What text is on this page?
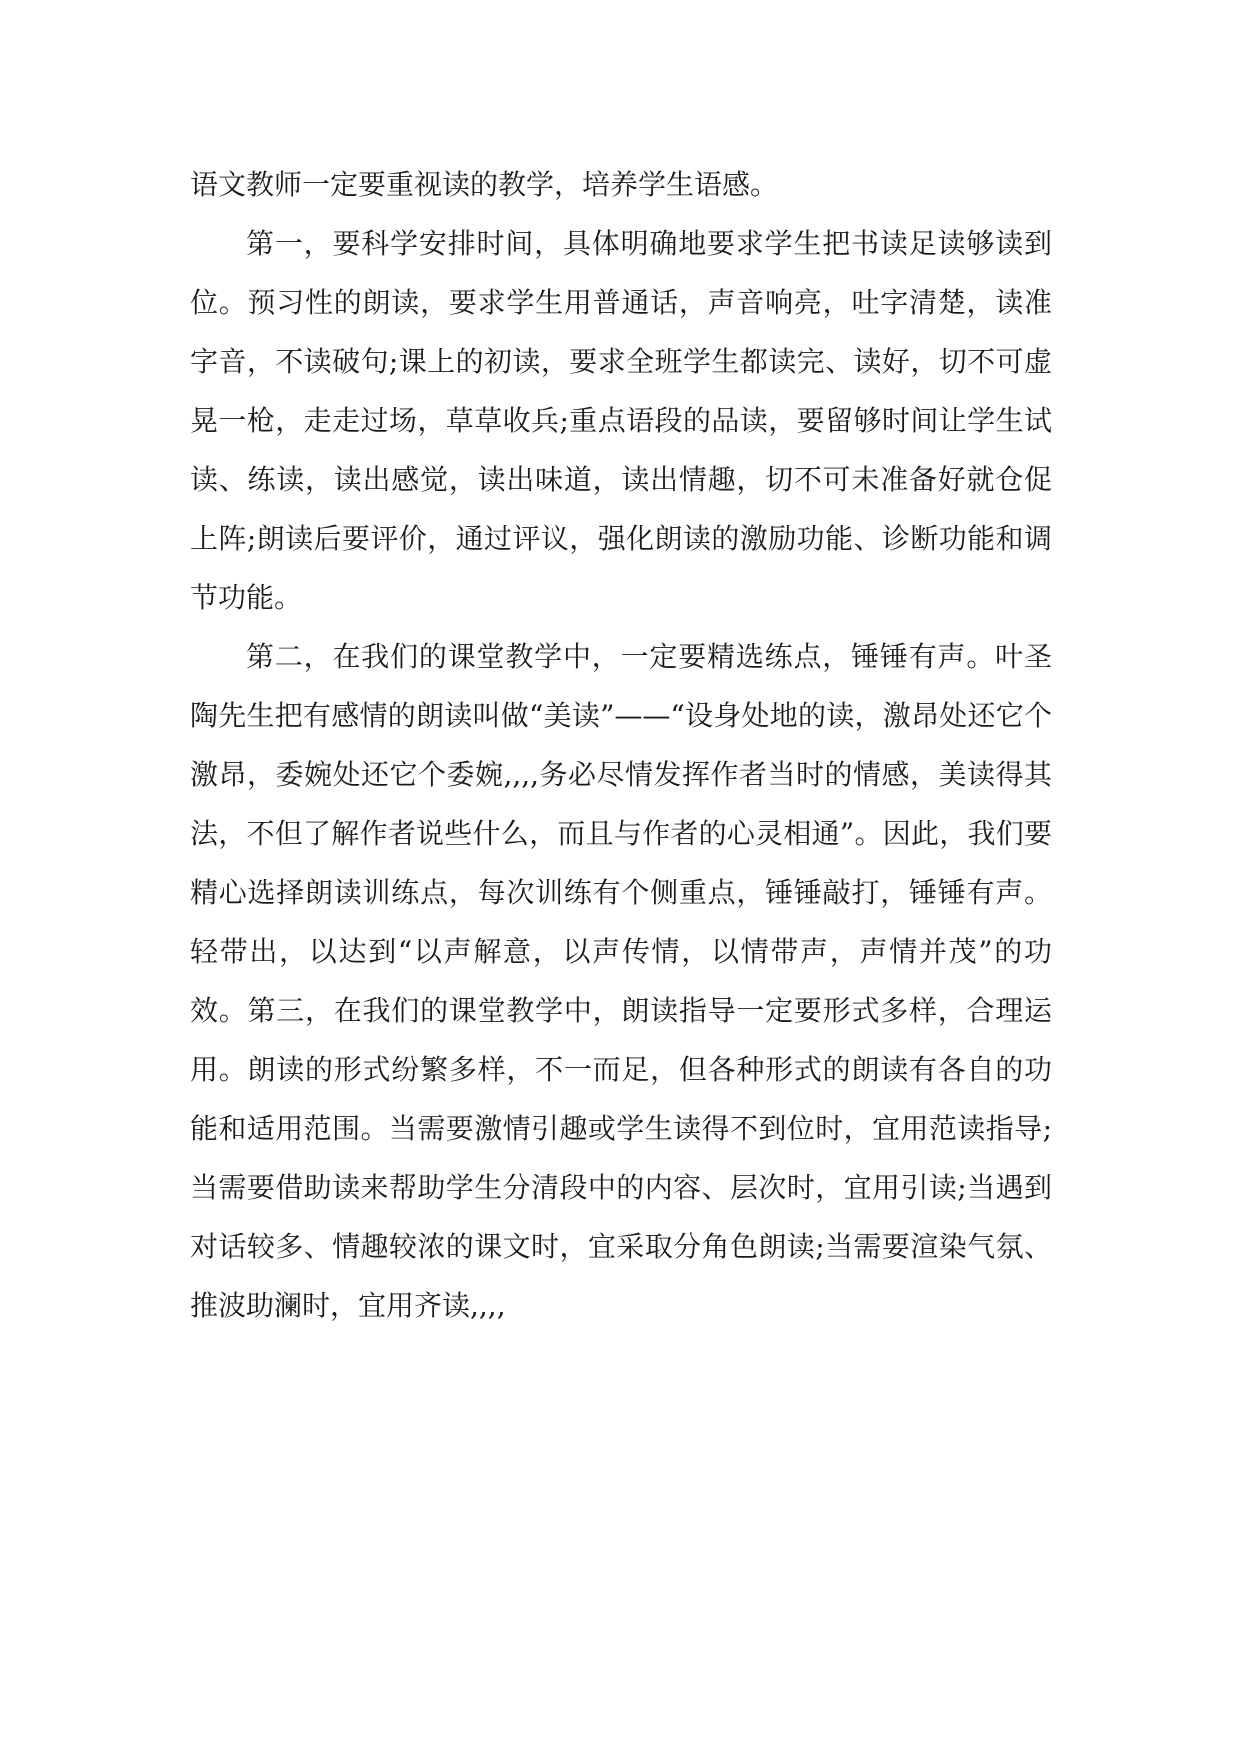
语文教师一定要重视读的教学，培养学生语感。

第一，要科学安排时间，具体明确地要求学生把书读足读够读到位。预习性的朗读，要求学生用普通话，声音响亮，吐字清楚，读准字音，不读破句;课上的初读，要求全班学生都读完、读好，切不可虚晃一枪，走走过场，草草收兵;重点语段的品读，要留够时间让学生试读、练读，读出感觉，读出味道，读出情趣，切不可未准备好就仓促上阵;朗读后要评价，通过评议，强化朗读的激励功能、诊断功能和调节功能。

第二，在我们的课堂教学中，一定要精选练点，锤锤有声。叶圣陶先生把有感情的朗读叫做“美读”——“设身处地的读，激昂处还它个激昂，委婉处还它个委婉,,,,务必尽情发挥作者当时的情感，美读得其法，不但了解作者说些什么，而且与作者的心灵相通”。因此，我们要精心选择朗读训练点，每次训练有个侧重点，锤锤敲打，锤锤有声。轻带出，以达到“以声解意，以声传情，以情带声，声情并茂”的功效。第三，在我们的课堂教学中，朗读指导一定要形式多样，合理运用。朗读的形式纷繁多样，不一而足，但各种形式的朗读有各自的功能和适用范围。当需要激情引趣或学生读得不到位时，宜用范读指导;当需要借助读来帮助学生分清段中的内容、层次时，宜用引读;当遇到对话较多、情趣较浓的课文时，宜采取分角色朗读;当需要渲染气氛、推波助澜时，宜用齐读,,,,
